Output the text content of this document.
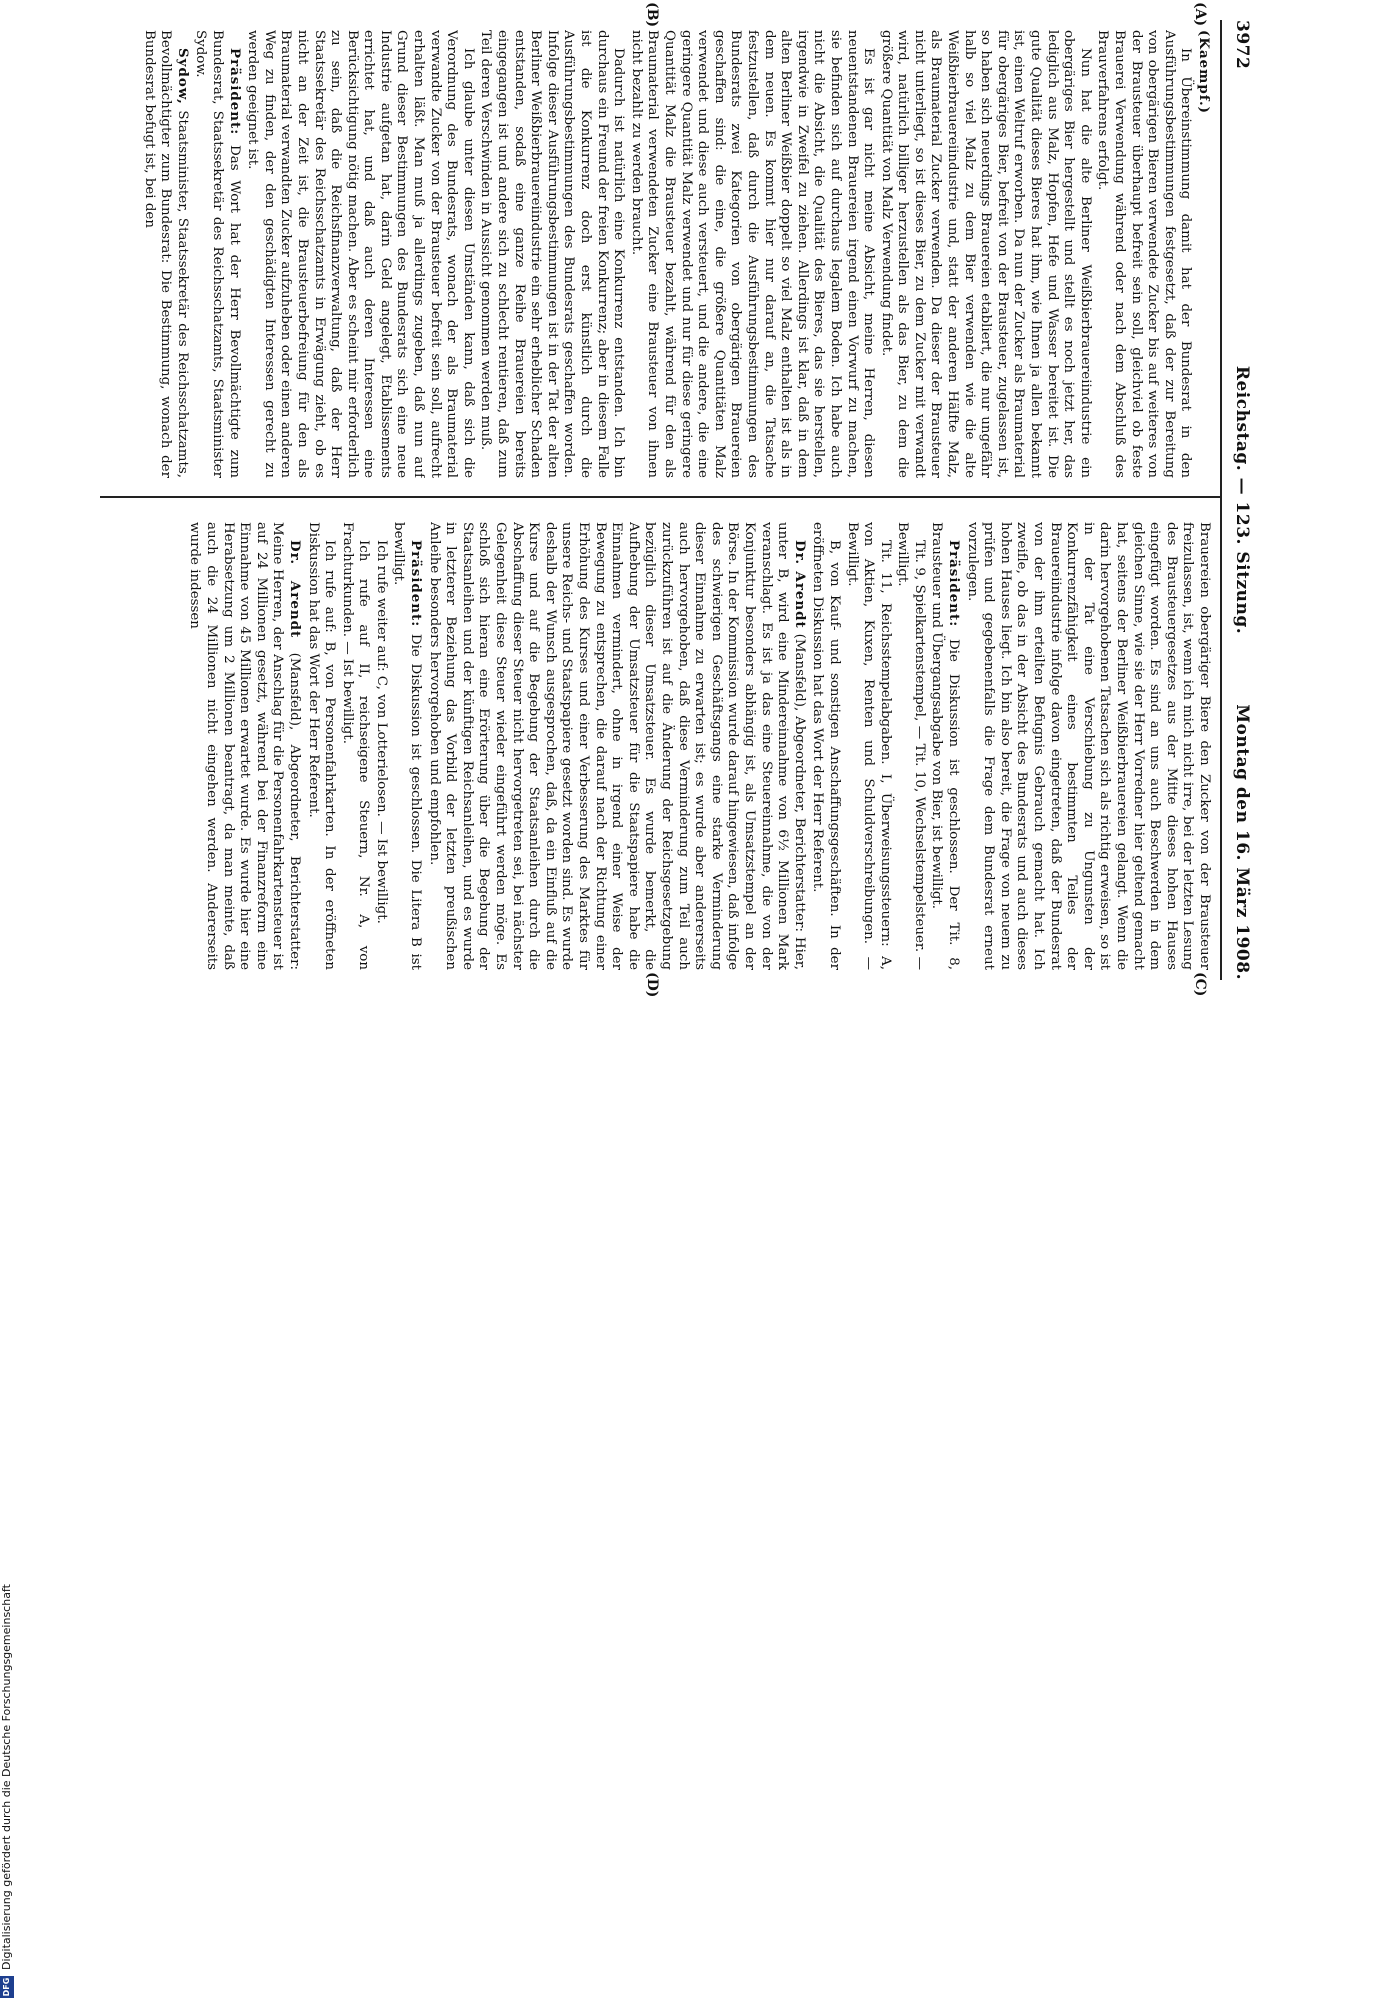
3972
Reichstag. — 123. Sitzung.
Montag den 16. März 1908.
(A)
(B)
(C)
(D)

(Kaempf.)

In Übereinstimmung damit hat der Bundesrat in den Ausführungsbestimmungen festgesetzt, daß der zur Bereitung von obergärigen Bieren verwendete Zucker bis auf weiteres von der Brausteuer überhaupt befreit sein soll, gleichviel ob feste Brauerei Verwendung während oder nach dem Abschluß des Brauverfahrens erfolgt.

Nun hat die alte Berliner Weißbierbrauereiindustrie ein obergäriges Bier hergestellt und stellt es noch jetzt her, das lediglich aus Malz, Hopfen, Hefe und Wasser bereitet ist. Die gute Qualität dieses Bieres hat ihm, wie Ihnen ja allen bekannt ist, einen Weltruf erworben. Da nun der Zucker als Braumaterial für obergäriges Bier, befreit von der Brausteuer, zugelassen ist, so haben sich neuerdings Brauereien etabliert, die nur ungefähr halb so viel Malz zu dem Bier verwenden wie die alte Weißbierbrauereiindustrie und, statt der anderen Hälfte Malz, als Braumaterial Zucker verwenden. Da dieser der Brausteuer nicht unterliegt, so ist dieses Bier, zu dem Zucker mit verwandt wird, natürlich billiger herzustellen als das Bier, zu dem die größere Quantität von Malz Verwendung findet.

Es ist gar nicht meine Absicht, meine Herren, diesen neuentstandenen Brauereien irgend einen Vorwurf zu machen, sie befinden sich auf durchaus legalem Boden. Ich habe auch nicht die Absicht, die Qualität des Bieres, das sie herstellen, irgendwie in Zweifel zu ziehen. Allerdings ist klar, daß in dem alten Berliner Weißbier doppelt so viel Malz enthalten ist als in dem neuen. Es kommt hier nur darauf an, die Tatsache festzustellen, daß durch die Ausführungsbestimmungen des Bundesrats zwei Kategorien von obergärigen Brauereien geschaffen sind: die eine, die größere Quantitäten Malz verwendet und diese auch versteuert, und die andere, die eine geringere Quantität Malz verwendet und nur für diese geringere Quantität Malz die Brausteuer bezahlt, während für den als Braumaterial verwendeten Zucker eine Brausteuer von ihnen nicht bezahlt zu werden braucht.

Dadurch ist natürlich eine Konkurrenz entstanden. Ich bin durchaus ein Freund der freien Konkurrenz; aber in diesem Falle ist die Konkurrenz doch erst künstlich durch die Ausführungsbestimmungen des Bundesrats geschaffen worden. Infolge dieser Ausführungsbestimmungen ist in der Tat der alten Berliner Weißbierbrauereiindustrie ein sehr erheblicher Schaden entstanden, sodaß eine ganze Reihe Brauereien bereits eingegangen ist und andere sich zu schlecht rentieren, daß zum Teil deren Verschwinden in Aussicht genommen werden muß.

Ich glaube unter diesen Umständen kann, daß sich die Verordnung des Bundesrats, wonach der als Braumaterial verwandte Zucker von der Brausteuer befreit sein soll, aufrecht erhalten läßt. Man muß ja allerdings zugeben, daß nun auf Grund dieser Bestimmungen des Bundesrats sich eine neue Industrie aufgetan hat, darin Geld angelegt, Etablissements errichtet hat, und daß auch deren Interessen eine Berücksichtigung nötig machen. Aber es scheint mir erforderlich zu sein, daß die Reichsfinanzverwaltung, daß der Herr Staatssekretär des Reichsschatzamts in Erwägung zieht, ob es nicht an der Zeit ist, die Brausteuerbefreiung für den als Braumaterial verwandten Zucker aufzuheben oder einen anderen Weg zu finden, der den geschädigten Interessen gerecht zu werden geeignet ist.

Präsident: Das Wort hat der Herr Bevollmächtigte zum Bundesrat, Staatssekretär des Reichsschatzamts, Staatsminister Sydow.

Sydow, Staatsminister, Staatssekretär des Reichsschatzamts, Bevollmächtigter zum Bundesrat: Die Bestimmung, wonach der Bundesrat befugt ist, bei den

Brauereien obergäriger Biere den Zucker von der Brausteuer freizulassen, ist, wenn ich mich nicht irre, bei der letzten Lesung des Brausteuergesetzes aus der Mitte dieses hohen Hauses eingefügt worden. Es sind an uns auch Beschwerden in dem gleichen Sinne, wie sie der Herr Vorredner hier geltend gemacht hat, seitens der Berliner Weißbierbrauereien gelangt. Wenn die darin hervorgehobenen Tatsachen sich als richtig erweisen, so ist in der Tat eine Verschiebung zu Ungunsten der Konkurrenzfähigkeit eines bestimmten Teiles der Brauereiindustrie infolge davon eingetreten, daß der Bundesrat von der ihm erteilten Befugnis Gebrauch gemacht hat. Ich zweifle, ob das in der Absicht des Bundesrats und auch dieses hohen Hauses liegt. Ich bin also bereit, die Frage von neuem zu prüfen und gegebenenfalls die Frage dem Bundesrat erneut vorzulegen.

Präsident: Die Diskussion ist geschlossen. Der Tit. 8, Brausteuer und Übergangsabgabe von Bier, ist bewilligt.

Tit. 9, Spielkartenstempel, — Tit. 10, Wechselstempelsteuer. — Bewilligt.

Tit. 11, Reichsstempelabgaben. I, Überweisungssteuern: A, von Aktien, Kuxen, Renten und Schuldverschreibungen. — Bewilligt.

B, von Kauf- und sonstigen Anschaffungsgeschäften. In der eröffneten Diskussion hat das Wort der Herr Referent.

Dr. Arendt (Mansfeld), Abgeordneter, Berichterstatter: Hier, unter B, wird eine Mindereinnahme von 6½ Millionen Mark veranschlagt. Es ist ja das eine Steuereinnahme, die von der Konjunktur besonders abhängig ist, als Umsatzstempel an der Börse. In der Kommission wurde darauf hingewiesen, daß infolge des schwierigen Geschäftsgangs eine starke Verminderung dieser Einnahme zu erwarten ist; es wurde aber andererseits auch hervorgehoben, daß diese Verminderung zum Teil auch zurückzuführen ist auf die Änderung der Reichsgesetzgebung bezüglich dieser Umsatzsteuer. Es wurde bemerkt, die Aufhebung der Umsatzsteuer für die Staatspapiere habe die Einnahmen vermindert, ohne in irgend einer Weise der Bewegung zu entsprechen, die darauf nach der Richtung einer Erhöhung des Kurses und einer Verbesserung des Marktes für unsere Reichs- und Staatspapiere gesetzt worden sind. Es wurde deshalb der Wunsch ausgesprochen, daß, da ein Einfluß auf die Kurse und auf die Begebung der Staatsanleihen durch die Abschaffung dieser Steuer nicht hervorgetreten sei, bei nächster Gelegenheit diese Steuer wieder eingeführt werden möge. Es schloß sich hieran eine Erörterung über die Begebung der Staatsanleihen und der künftigen Reichsanleihen, und es wurde in letzterer Beziehung das Vorbild der letzten preußischen Anleihe besonders hervorgehoben und empfohlen.

Präsident: Die Diskussion ist geschlossen. Die Litera B ist bewilligt.

Ich rufe weiter auf: C, von Lotterielosen. — Ist bewilligt.

Ich rufe auf II, reichseigene Steuern, Nr. A, von Frachturkunden. — Ist bewilligt.

Ich rufe auf: B, von Personenfahrkarten. In der eröffneten Diskussion hat das Wort der Herr Referent.

Dr. Arendt (Mansfeld), Abgeordneter, Berichterstatter: Meine Herren, der Anschlag für die Personenfahrkartensteuer ist auf 24 Millionen gesetzt, während bei der Finanzreform eine Einnahme von 45 Millionen erwartet wurde. Es wurde hier eine Herabsetzung um 2 Millionen beantragt, da man meinte, daß auch die 24 Millionen nicht eingehen werden. Andererseits wurde indessen

DFG
Digitalisierung gefördert durch die Deutsche Forschungsgemeinschaft
